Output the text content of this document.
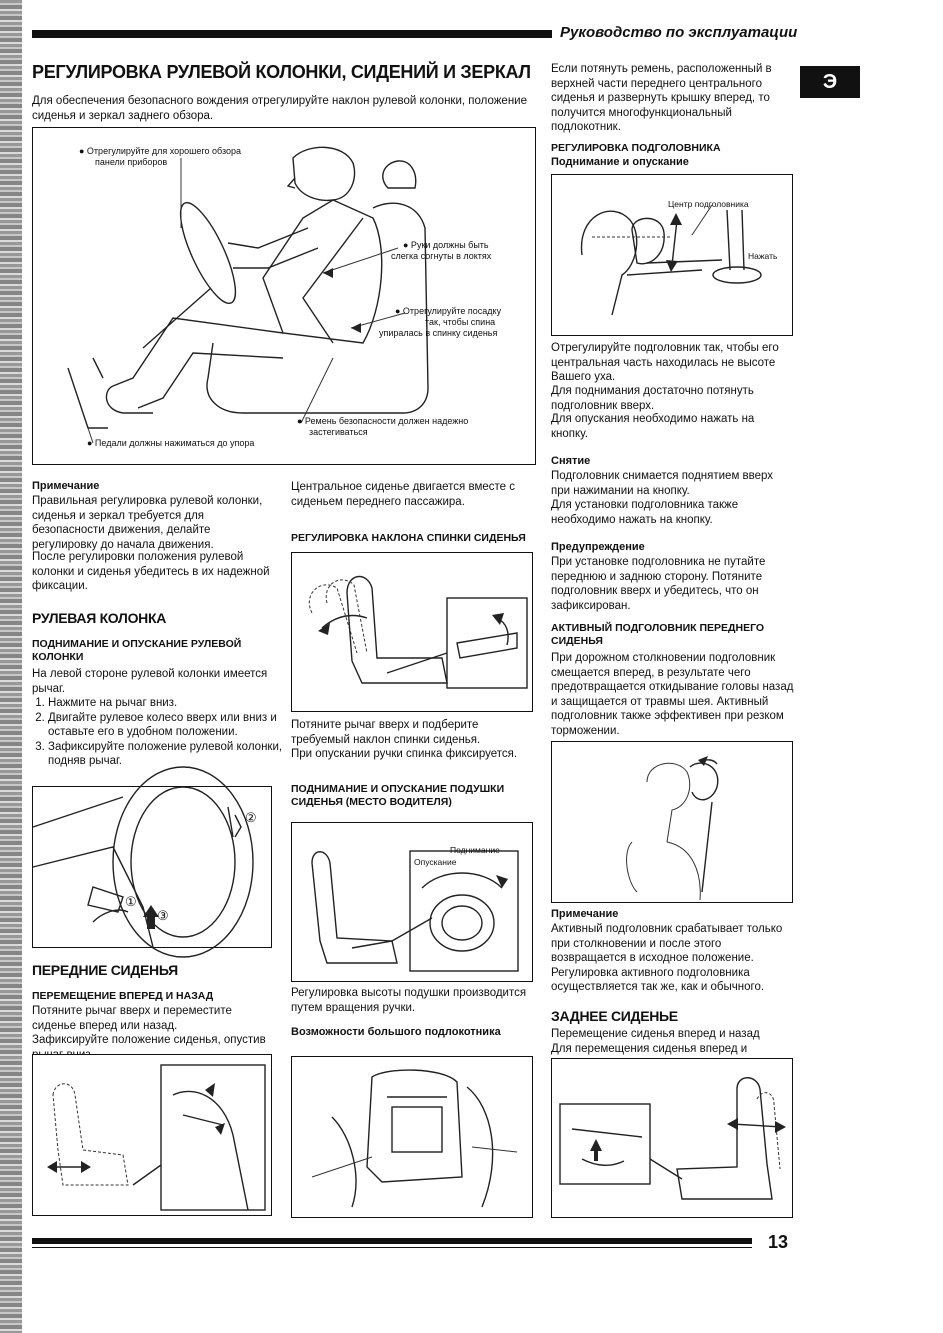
Руководство по эксплуатации
Э
РЕГУЛИРОВКА РУЛЕВОЙ КОЛОНКИ, СИДЕНИЙ И ЗЕРКАЛ
Для обеспечения безопасного вождения отрегулируйте наклон рулевой колонки, положение сиденья и зеркал заднего обзора.
● Отрегулируйте для хорошего обзора
панели приборов
● Руки должны быть
слегка согнуты в локтях
● Отрегулируйте посадку
так, чтобы спина
упиралась в спинку сиденья
● Ремень безопасности должен надежно
застегиваться
● Педали должны нажиматься до упора
Примечание
Правильная регулировка рулевой колонки, сиденья и зеркал требуется для безопасности движения, делайте регулировку до начала движения.
После регулировки положения рулевой колонки и сиденья убедитесь в их надежной фиксации.
РУЛЕВАЯ КОЛОНКА
ПОДНИМАНИЕ И ОПУСКАНИЕ РУЛЕВОЙ КОЛОНКИ
На левой стороне рулевой колонки имеется рычаг.
1. Нажмите на рычаг вниз.
2. Двигайте рулевое колесо вверх или вниз и оставьте его в удобном положении.
3. Зафиксируйте положение рулевой колонки, подняв рычаг.
①
②
③
ПЕРЕДНИЕ СИДЕНЬЯ
ПЕРЕМЕЩЕНИЕ ВПЕРЕД И НАЗАД
Потяните рычаг вверх и переместите сиденье вперед или назад.
Зафиксируйте положение сиденья, опустив
Центральное сиденье двигается вместе с сиденьем переднего пассажира.
РЕГУЛИРОВКА НАКЛОНА СПИНКИ СИДЕНЬЯ
Потяните рычаг вверх и подберите требуемый наклон спинки сиденья.
При опускании ручки спинка фиксируется.
ПОДНИМАНИЕ И ОПУСКАНИЕ ПОДУШКИ СИДЕНЬЯ (МЕСТО ВОДИТЕЛЯ)
Поднимание
Опускание
Регулировка высоты подушки производится путем вращения ручки.
Возможности большого подлокотника
Если потянуть ремень, расположенный в верхней части переднего центрального сиденья и развернуть крышку вперед, то получится многофункциональный подлокотник.
РЕГУЛИРОВКА ПОДГОЛОВНИКА
Поднимание и опускание
Центр подголовника
Нажать
Отрегулируйте подголовник так, чтобы его центральная часть находилась не высоте Вашего уха.
Для поднимания достаточно потянуть подголовник вверх.
Для опускания необходимо нажать на кнопку.
Снятие
Подголовник снимается поднятием вверх при нажимании на кнопку.
Для установки подголовника также необходимо нажать на кнопку.
Предупреждение
При установке подголовника не путайте переднюю и заднюю сторону. Потяните подголовник вверх и убедитесь, что он зафиксирован.
АКТИВНЫЙ ПОДГОЛОВНИК ПЕРЕДНЕГО СИДЕНЬЯ
При дорожном столкновении подголовник смещается вперед, в результате чего предотвращается откидывание головы назад и защищается от травмы шея. Активный подголовник также эффективен при резком торможении.
Примечание
Активный подголовник срабатывает только при столкновении и после этого возвращается в исходное положение. Регулировка активного подголовника осуществляется так же, как и обычного.
ЗАДНЕЕ СИДЕНЬЕ
Перемещение сиденья вперед и назад
Для перемещения сиденья вперед и
13
